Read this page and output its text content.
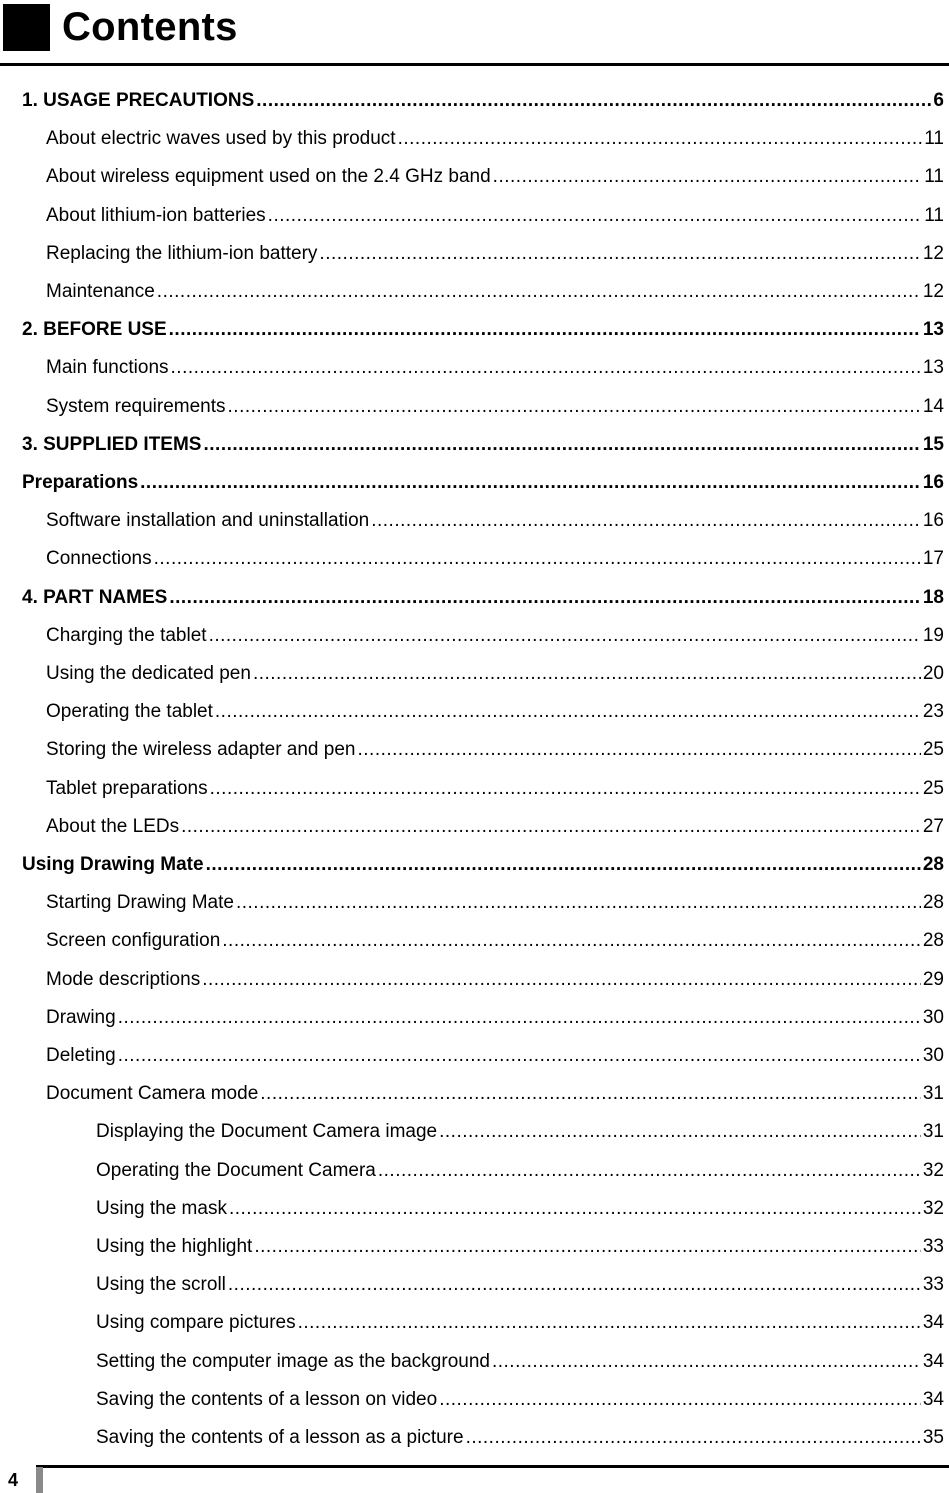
Contents
1. USAGE PRECAUTIONS .....	6
About electric waves used by this product .....	11
About wireless equipment used on the 2.4 GHz band .....	11
About lithium-ion batteries .....	11
Replacing the lithium-ion battery .....	12
Maintenance .....	12
2. BEFORE USE .....	13
Main functions .....	13
System requirements .....	14
3. SUPPLIED ITEMS .....	15
Preparations .....	16
Software installation and uninstallation .....	16
Connections .....	17
4. PART NAMES .....	18
Charging the tablet .....	19
Using the dedicated pen .....	20
Operating the tablet .....	23
Storing the wireless adapter and pen .....	25
Tablet preparations .....	25
About the LEDs .....	27
Using Drawing Mate .....	28
Starting Drawing Mate .....	28
Screen configuration .....	28
Mode descriptions .....	29
Drawing .....	30
Deleting .....	30
Document Camera mode .....	31
Displaying the Document Camera image .....	31
Operating the Document Camera .....	32
Using the mask .....	32
Using the highlight .....	33
Using the scroll .....	33
Using compare pictures .....	34
Setting the computer image as the background .....	34
Saving the contents of a lesson on video .....	34
Saving the contents of a lesson as a picture .....	35
4
